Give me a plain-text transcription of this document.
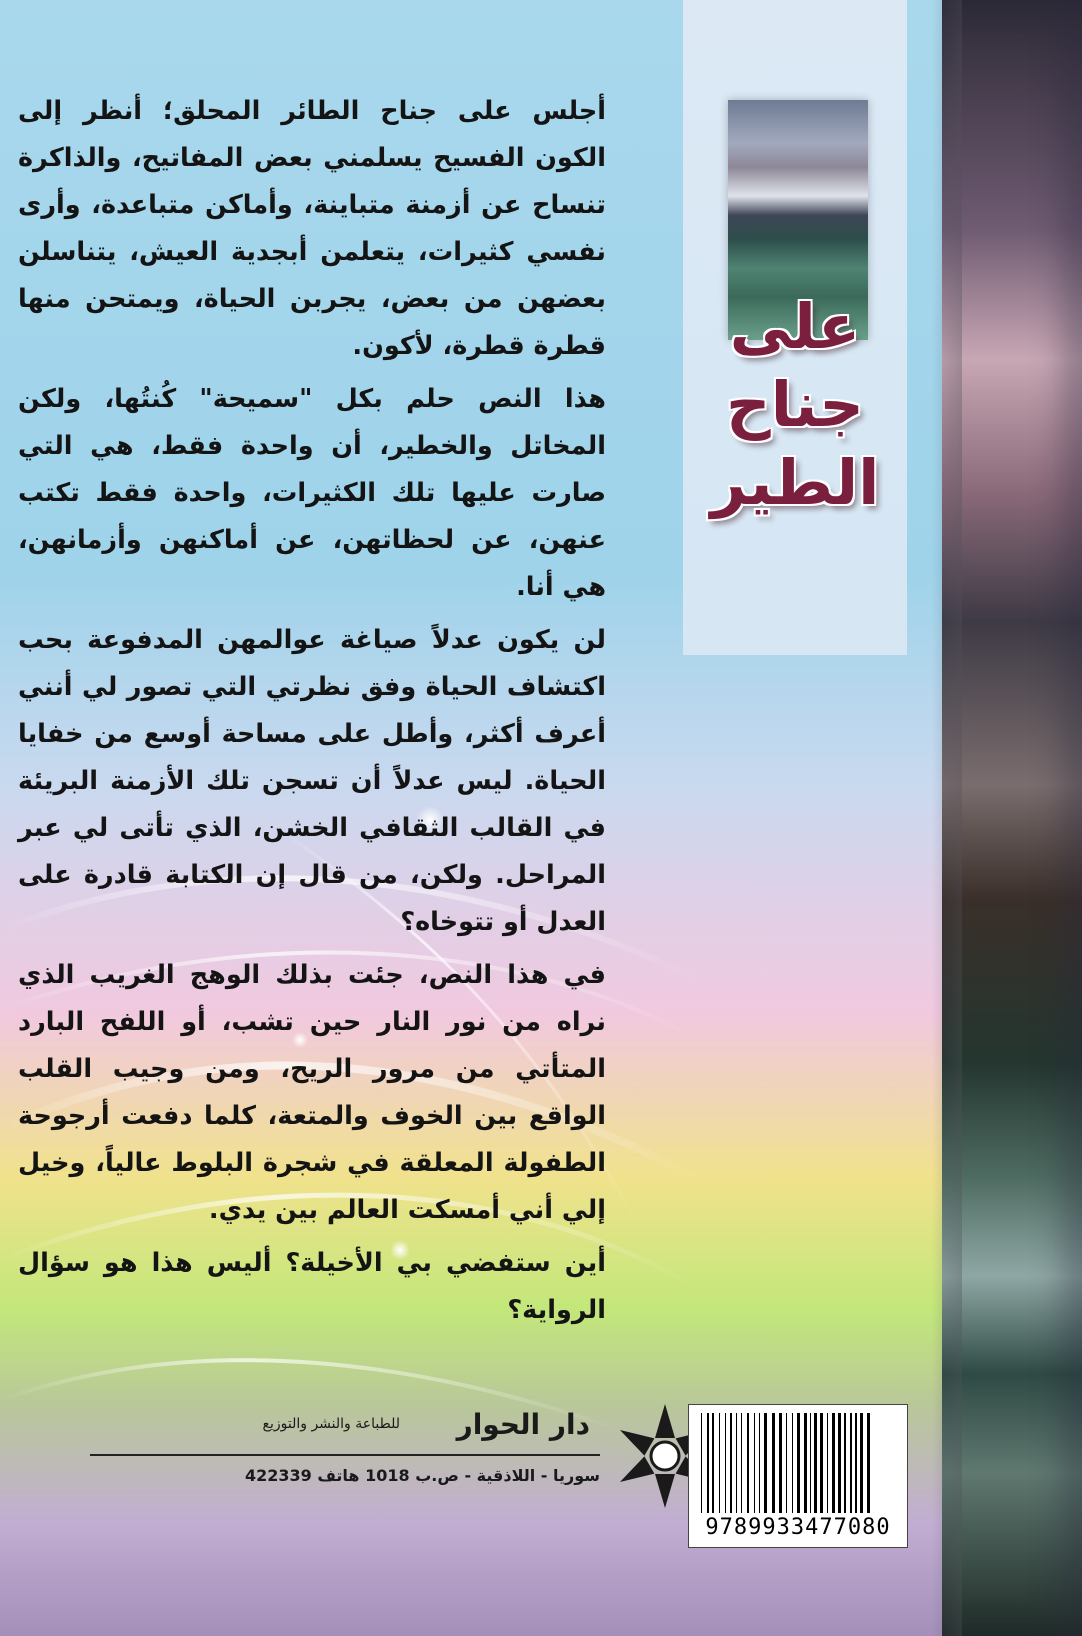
على
جناح
الطير

أجلس على جناح الطائر المحلق؛ أنظر إلى الكون الفسيح يسلمني بعض المفاتيح، والذاكرة تنساح عن أزمنة متباينة، وأماكن متباعدة، وأرى نفسي كثيرات، يتعلمن أبجدية العيش، يتناسلن بعضهن من بعض، يجربن الحياة، ويمتحن منها قطرة قطرة، لأكون.

هذا النص حلم بكل "سميحة" كُنتُها، ولكن المخاتل والخطير، أن واحدة فقط، هي التي صارت عليها تلك الكثيرات، واحدة فقط تكتب عنهن، عن لحظاتهن، عن أماكنهن وأزمانهن، هي أنا.

لن يكون عدلاً صياغة عوالمهن المدفوعة بحب اكتشاف الحياة وفق نظرتي التي تصور لي أنني أعرف أكثر، وأطل على مساحة أوسع من خفايا الحياة. ليس عدلاً أن تسجن تلك الأزمنة البريئة في القالب الثقافي الخشن، الذي تأتى لي عبر المراحل. ولكن، من قال إن الكتابة قادرة على العدل أو تتوخاه؟

في هذا النص، جئت بذلك الوهج الغريب الذي نراه من نور النار حين تشب، أو اللفح البارد المتأتي من مرور الريح، ومن وجيب القلب الواقع بين الخوف والمتعة، كلما دفعت أرجوحة الطفولة المعلقة في شجرة البلوط عالياً، وخيل إلي أني أمسكت العالم بين يدي.

أين ستفضي بي الأخيلة؟ أليس هذا هو سؤال الرواية؟

دار الحوار
للطباعة والنشر والتوزيع
سوريا - اللاذقية - ص.ب 1018 هاتف 422339
9789933477080
